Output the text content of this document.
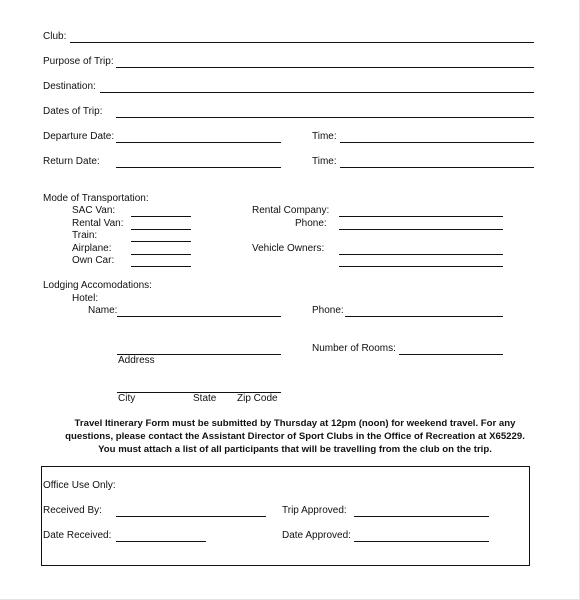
Club:
Purpose of Trip:
Destination:
Dates of Trip:
Departure Date:	Time:
Return Date:	Time:
Mode of Transportation:
SAC Van:
Rental Van:
Train:
Airplane:
Own Car:
Rental Company:
Phone:
Vehicle Owners:
Lodging Accomodations:
Hotel:
Name:	Phone:
Address
Number of Rooms:
City	State Zip Code
Travel Itinerary Form must be submitted by Thursday at 12pm (noon) for weekend travel. For any
questions, please contact the Assistant Director of Sport Clubs in the Office of Recreation at X65229.
You must attach a list of all participants that will be travelling from the club on the trip.
Office Use Only:
Received By:	Trip Approved:
Date Received:	Date Approved:
